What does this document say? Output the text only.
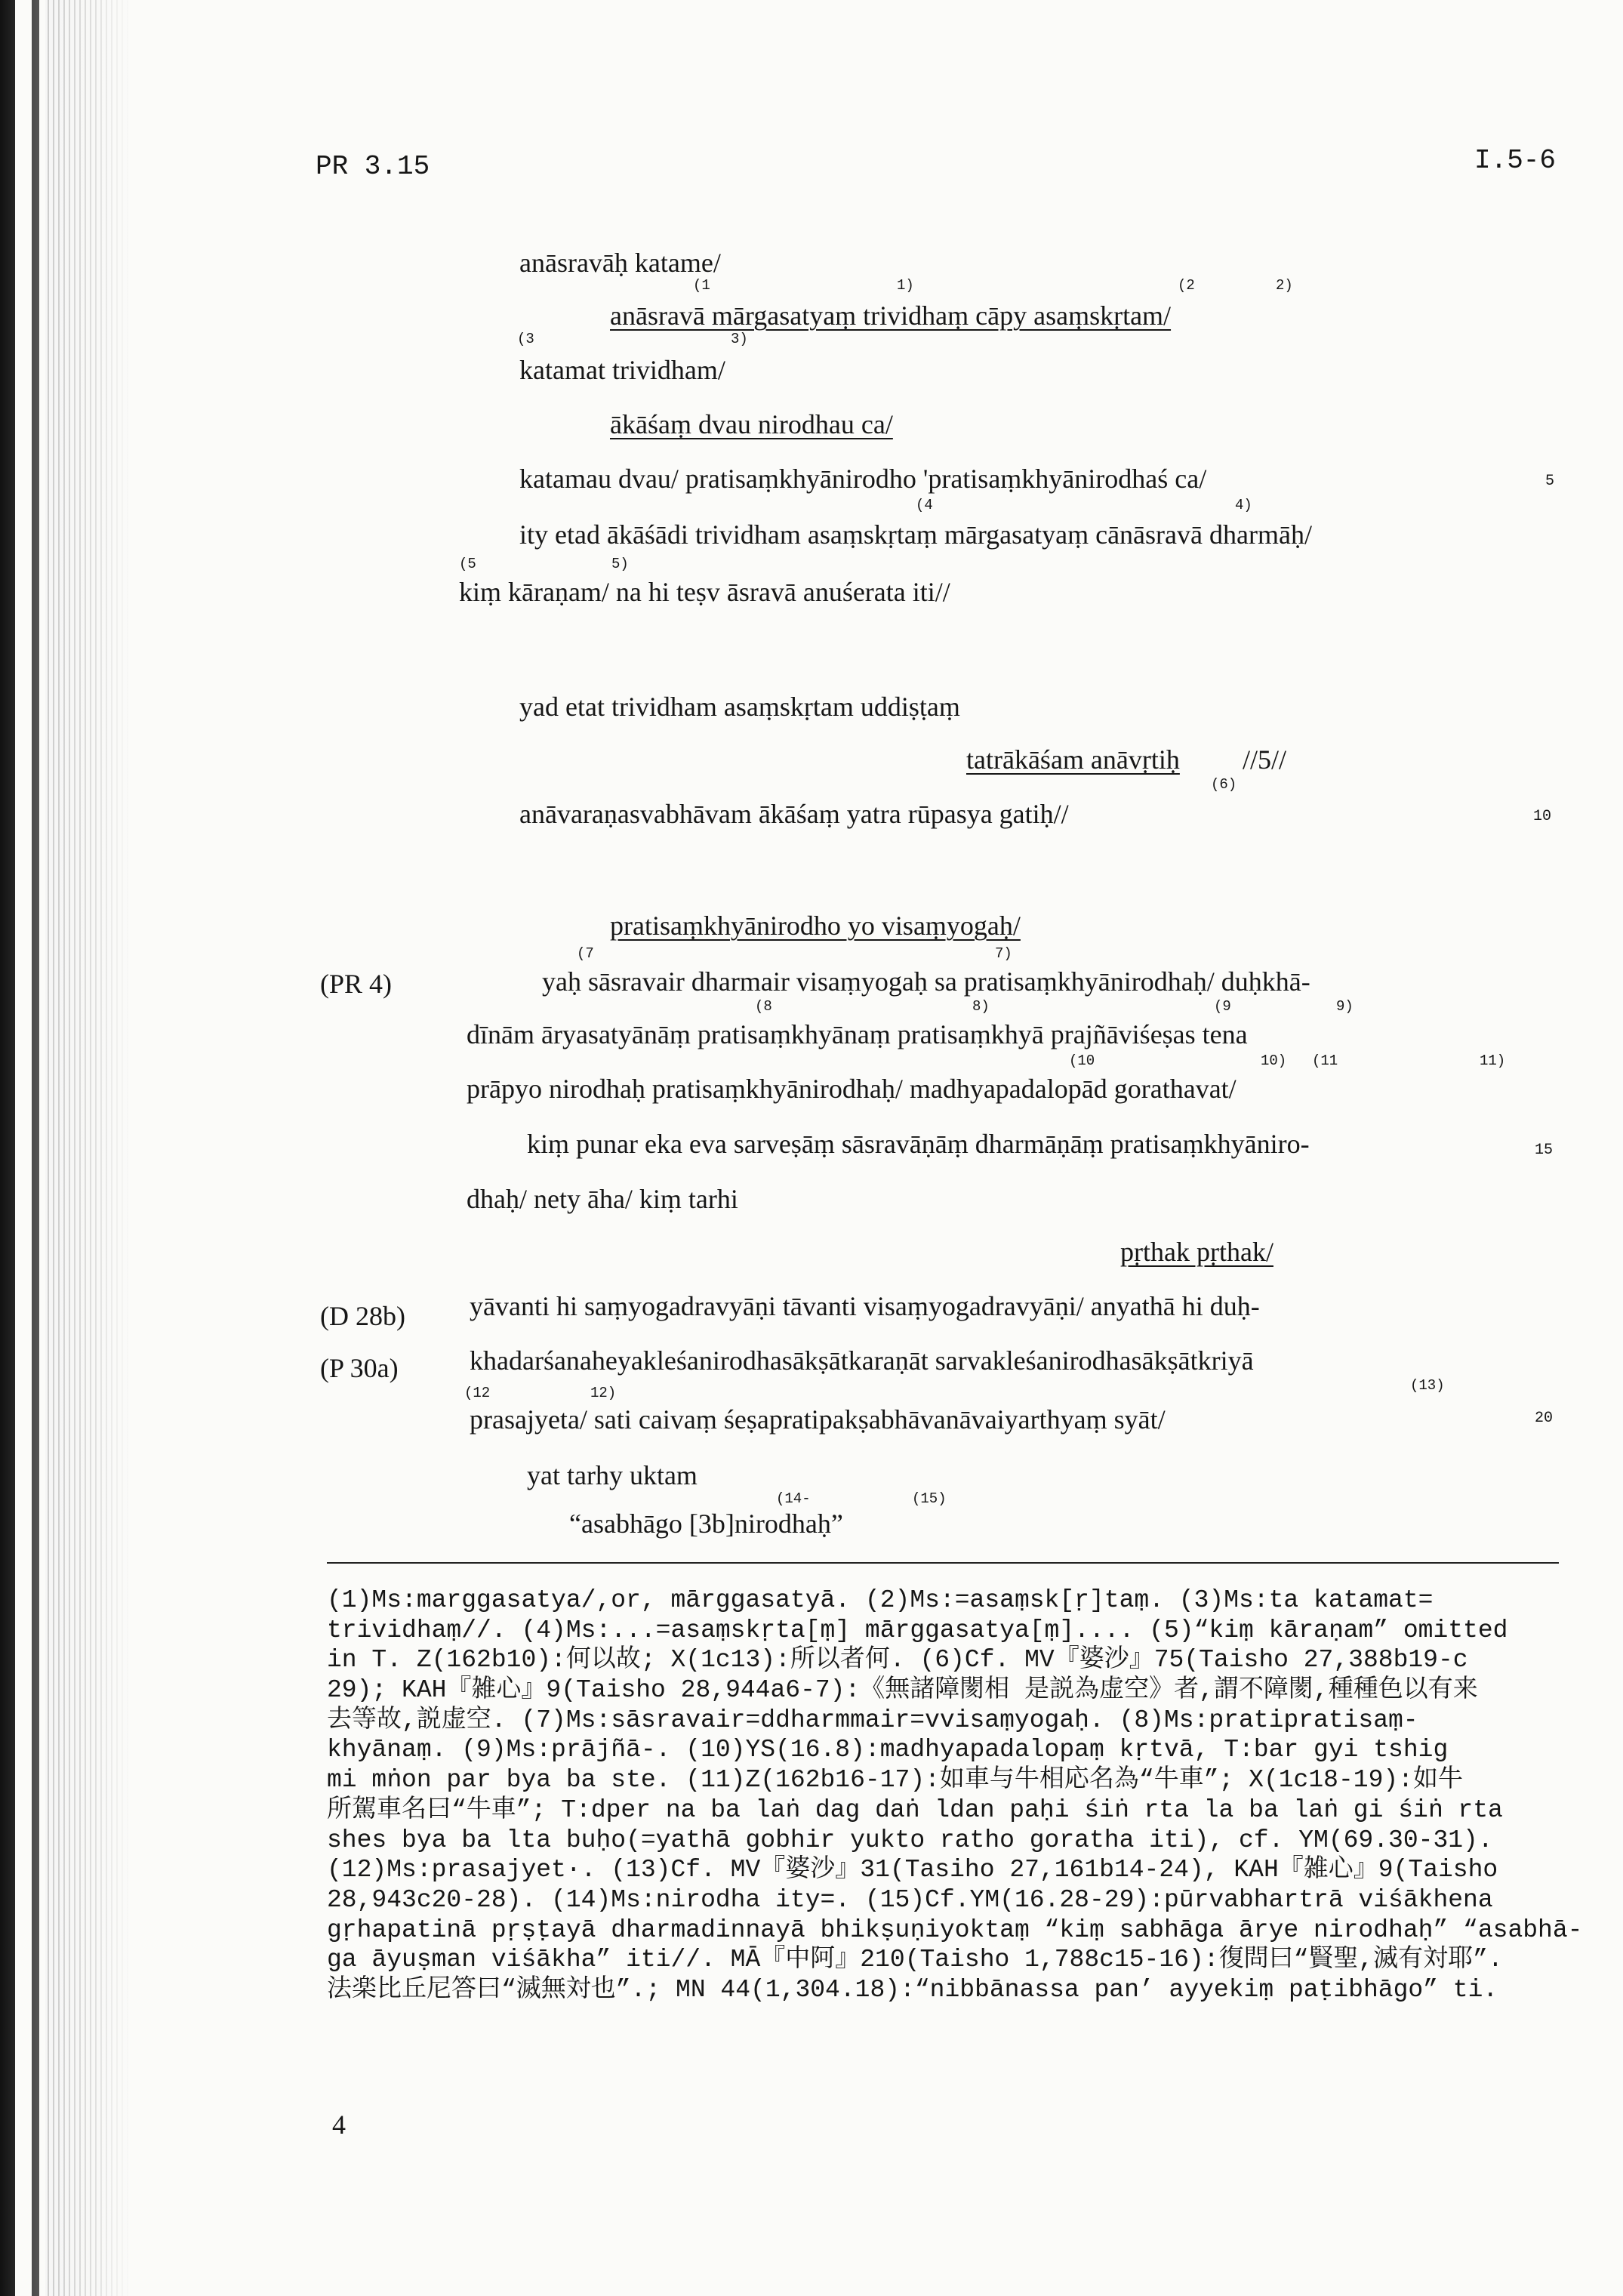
PR 3.15	I.5-6
5
10
15
20
(PR 4)
(D 28b)
(P 30a)
anāsravāḥ katame/
(1	1)	(2	2)
anāsravā mārgasatyaṃ trividhaṃ cāpy asaṃskṛtam/
(3	3)
katamat trividham/
ākāśaṃ dvau nirodhau ca/
katamau dvau/ pratisaṃkhyānirodho 'pratisaṃkhyānirodhaś ca/
(4	4)
ity etad ākāśādi trividham asaṃskṛtaṃ mārgasatyaṃ cānāsravā dharmāḥ/
(5	5)
kiṃ kāraṇam/ na hi teṣv āsravā anuśerata iti//
yad etat trividham asaṃskṛtam uddiṣṭaṃ
tatrākāśam anāvṛtiḥ //5//
(6)
anāvaraṇasvabhāvam ākāśaṃ yatra rūpasya gatiḥ//
pratisaṃkhyānirodho yo visaṃyogaḥ/
(7	7)
yaḥ sāsravair dharmair visaṃyogaḥ sa pratisaṃkhyānirodhaḥ/ duḥkhā-
(8	8)	(9	9)
dīnām āryasatyānāṃ pratisaṃkhyānaṃ pratisaṃkhyā prajñāviśeṣas tena
(10	10) (11	11)
prāpyo nirodhaḥ pratisaṃkhyānirodhaḥ/ madhyapadalopād gorathavat/
kiṃ punar eka eva sarveṣāṃ sāsravāṇāṃ dharmāṇāṃ pratisaṃkhyāniro-
dhaḥ/ nety āha/ kiṃ tarhi
pṛthak pṛthak/
yāvanti hi saṃyogadravyāṇi tāvanti visaṃyogadravyāṇi/ anyathā hi duḥ-
khadarśanaheyakleśanirodhasākṣātkaraṇāt sarvakleśanirodhasākṣātkriyā
(12	12)	(13)
prasajyeta/ sati caivaṃ śeṣapratipakṣabhāvanāvaiyarthyaṃ syāt/
yat tarhy uktam
(14-	(15)
“asabhāgo [3b]nirodhaḥ”
(1)Ms:marggasatya/,or, mārggasatyā. (2)Ms:=asaṃsk[ṛ]taṃ. (3)Ms:ta katamat=
trividhaṃ//. (4)Ms:...=asaṃskṛta[ṃ] mārggasatya[ṃ].... (5)“kiṃ kāraṇam” omitted
in T. Z(162b10):何以故; X(1c13):所以者何. (6)Cf. MV『婆沙』75(Taisho 27,388b19-c
29); KAH『雑心』9(Taisho 28,944a6-7):《無諸障閡相 是説為虚空》者,謂不障閡,種種色以有来
去等故,説虚空. (7)Ms:sāsravair=ddharmmair=vvisaṃyogaḥ. (8)Ms:pratipratisaṃ-
khyānaṃ. (9)Ms:prājñā-. (10)YS(16.8):madhyapadalopaṃ kṛtvā, T:bar gyi tshig
mi mṅon par bya ba ste. (11)Z(162b16-17):如車与牛相応名為“牛車”; X(1c18-19):如牛
所駕車名曰“牛車”; T:dper na ba laṅ dag daṅ ldan paḥi śiṅ rta la ba laṅ gi śiṅ rta
shes bya ba lta buḥo(=yathā gobhir yukto ratho goratha iti), cf. YM(69.30-31).
(12)Ms:prasajyet·. (13)Cf. MV『婆沙』31(Tasiho 27,161b14-24), KAH『雑心』9(Taisho
28,943c20-28). (14)Ms:nirodha ity=. (15)Cf.YM(16.28-29):pūrvabhartrā viśākhena
gṛhapatinā pṛṣṭayā dharmadinnayā bhikṣuṇiyoktaṃ “kiṃ sabhāga ārye nirodhaḥ” “asabhā-
ga āyuṣman viśākha” iti//. MĀ『中阿』210(Taisho 1,788c15-16):復問曰“賢聖,滅有対耶”.
法楽比丘尼答曰“滅無対也”.; MN 44(1,304.18):“nibbānassa pan’ ayyekiṃ paṭibhāgo” ti.
4
